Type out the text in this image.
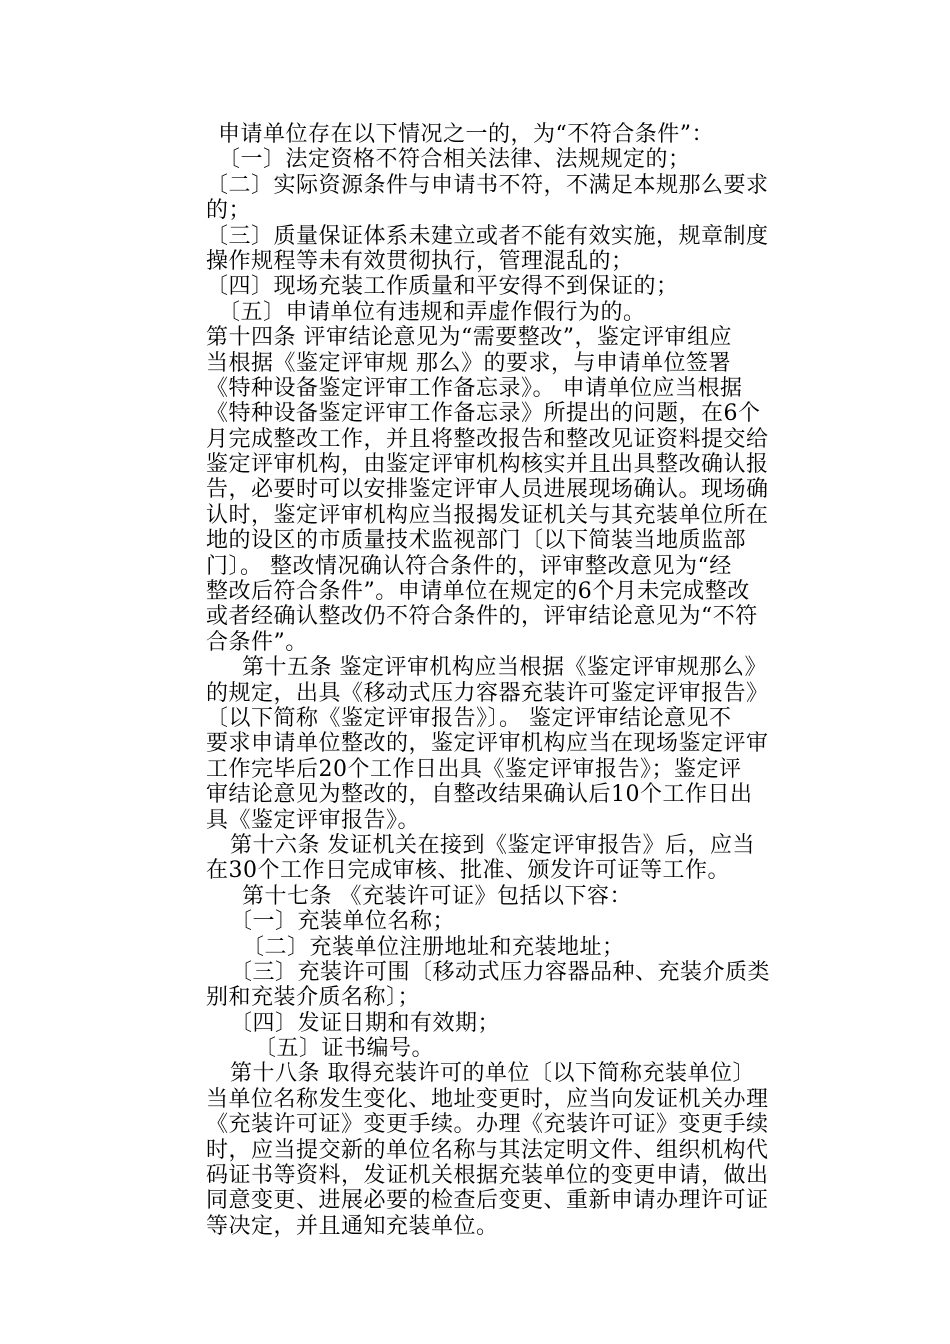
申请单位存在以下情况之一的，为“不符合条件”：
〔一〕法定资格不符合相关法律、法规规定的；
〔二〕实际资源条件与申请书不符，不满足本规那么要求
的；
〔三〕质量保证体系未建立或者不能有效实施，规章制度
操作规程等未有效贯彻执行，管理混乱的；
〔四〕现场充装工作质量和平安得不到保证的；
〔五〕申请单位有违规和弄虚作假行为的。
第十四条 评审结论意见为“需要整改”，鉴定评审组应
当根据《鉴定评审规 那么》的要求，与申请单位签署
《特种设备鉴定评审工作备忘录》。 申请单位应当根据
《特种设备鉴定评审工作备忘录》所提出的问题，在6个
月完成整改工作，并且将整改报告和整改见证资料提交给
鉴定评审机构，由鉴定评审机构核实并且出具整改确认报
告，必要时可以安排鉴定评审人员进展现场确认。现场确
认时，鉴定评审机构应当报揭发证机关与其充装单位所在
地的设区的市质量技术监视部门〔以下简装当地质监部
门〕。 整改情况确认符合条件的，评审整改意见为“经
整改后符合条件”。申请单位在规定的6个月未完成整改
或者经确认整改仍不符合条件的，评审结论意见为“不符
合条件”。
第十五条 鉴定评审机构应当根据《鉴定评审规那么》
的规定，出具《移动式压力容器充装许可鉴定评审报告》
〔以下简称《鉴定评审报告》〕。 鉴定评审结论意见不
要求申请单位整改的，鉴定评审机构应当在现场鉴定评审
工作完毕后20个工作日出具《鉴定评审报告》；鉴定评
审结论意见为整改的，自整改结果确认后10个工作日出
具《鉴定评审报告》。
第十六条 发证机关在接到《鉴定评审报告》后，应当
在30个工作日完成审核、批准、颁发许可证等工作。
第十七条 《充装许可证》包括以下容：
〔一〕充装单位名称；
〔二〕充装单位注册地址和充装地址；
〔三〕充装许可围〔移动式压力容器品种、充装介质类
别和充装介质名称〕；
〔四〕发证日期和有效期；
〔五〕证书编号。
第十八条 取得充装许可的单位〔以下简称充装单位〕
当单位名称发生变化、地址变更时，应当向发证机关办理
《充装许可证》变更手续。办理《充装许可证》变更手续
时，应当提交新的单位名称与其法定明文件、组织机构代
码证书等资料，发证机关根据充装单位的变更申请，做出
同意变更、进展必要的检查后变更、重新申请办理许可证
等决定，并且通知充装单位。
